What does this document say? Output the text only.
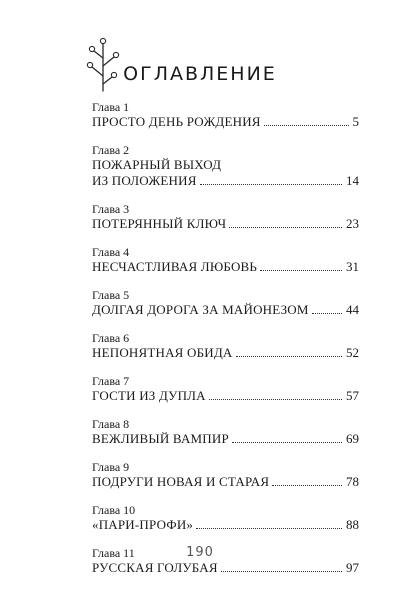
ОГЛАВЛЕНИЕ
Глава 1
ПРОСТО ДЕНЬ РОЖДЕНИЯ	5
Глава 2
ПОЖАРНЫЙ ВЫХОД
ИЗ ПОЛОЖЕНИЯ	14
Глава 3
ПОТЕРЯННЫЙ КЛЮЧ	23
Глава 4
НЕСЧАСТЛИВАЯ ЛЮБОВЬ	31
Глава 5
ДОЛГАЯ ДОРОГА ЗА МАЙОНЕЗОМ	44
Глава 6
НЕПОНЯТНАЯ ОБИДА	52
Глава 7
ГОСТИ ИЗ ДУПЛА	57
Глава 8
ВЕЖЛИВЫЙ ВАМПИР	69
Глава 9
ПОДРУГИ НОВАЯ И СТАРАЯ	78
Глава 10
«ПАРИ-ПРОФИ»	88
Глава 11
РУССКАЯ ГОЛУБАЯ	97
190
